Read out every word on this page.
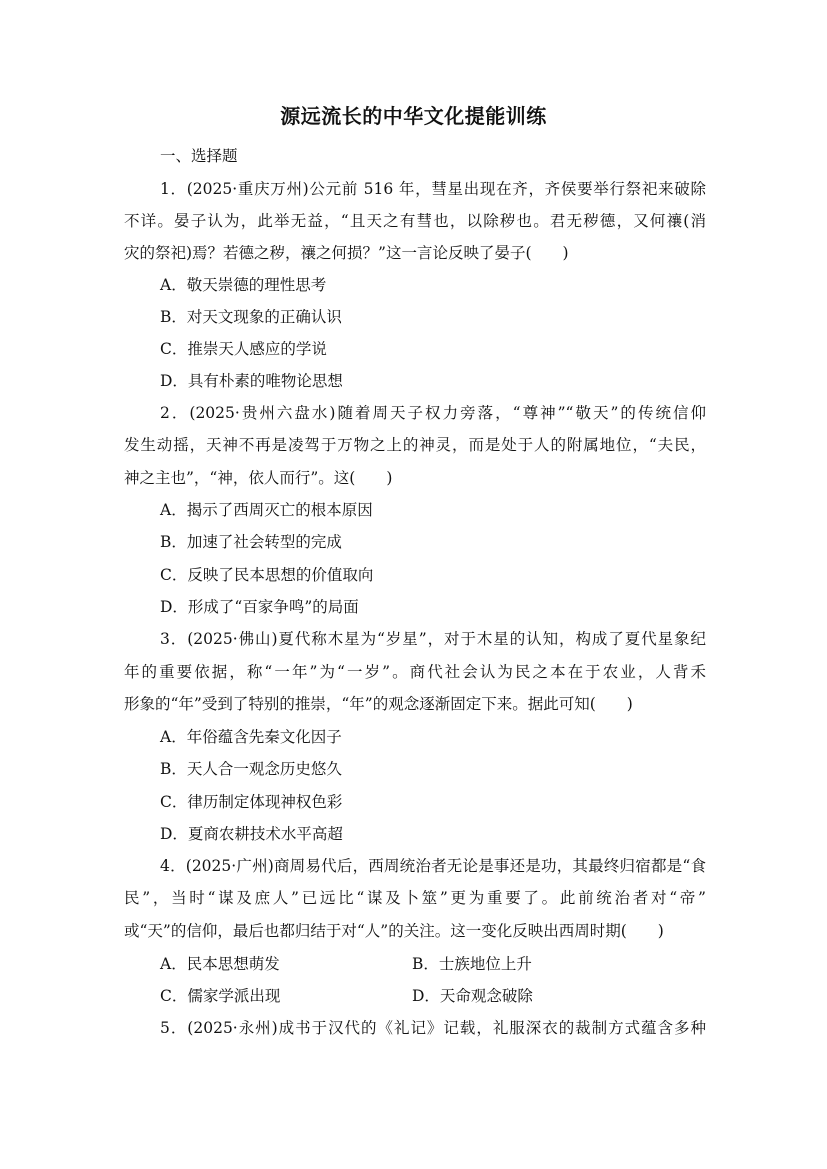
源远流长的中华文化提能训练
一、选择题
1．(2025·重庆万州)公元前 516 年，彗星出现在齐，齐侯要举行祭祀来破除
不详。晏子认为，此举无益，“且天之有彗也，以除秽也。君无秽德，又何禳(消
灾的祭祀)焉？若德之秽，禳之何损？”这一言论反映了晏子(　　)
A．敬天崇德的理性思考
B．对天文现象的正确认识
C．推崇天人感应的学说
D．具有朴素的唯物论思想
2．(2025·贵州六盘水)随着周天子权力旁落，“尊神”“敬天”的传统信仰
发生动摇，天神不再是凌驾于万物之上的神灵，而是处于人的附属地位，“夫民，
神之主也”，“神，依人而行”。这(　　)
A．揭示了西周灭亡的根本原因
B．加速了社会转型的完成
C．反映了民本思想的价值取向
D．形成了“百家争鸣”的局面
3．(2025·佛山)夏代称木星为“岁星”，对于木星的认知，构成了夏代星象纪
年的重要依据，称“一年”为“一岁”。商代社会认为民之本在于农业，人背禾
形象的“年”受到了特别的推崇，“年”的观念逐渐固定下来。据此可知(　　)
A．年俗蕴含先秦文化因子
B．天人合一观念历史悠久
C．律历制定体现神权色彩
D．夏商农耕技术水平高超
4．(2025·广州)商周易代后，西周统治者无论是事还是功，其最终归宿都是“食
民”，当时“谋及庶人”已远比“谋及卜筮”更为重要了。此前统治者对“帝”
或“天”的信仰，最后也都归结于对“人”的关注。这一变化反映出西周时期(　　)
A．民本思想萌发	B．士族地位上升
C．儒家学派出现	D．天命观念破除
5．(2025·永州)成书于汉代的《礼记》记载，礼服深衣的裁制方式蕴含多种
